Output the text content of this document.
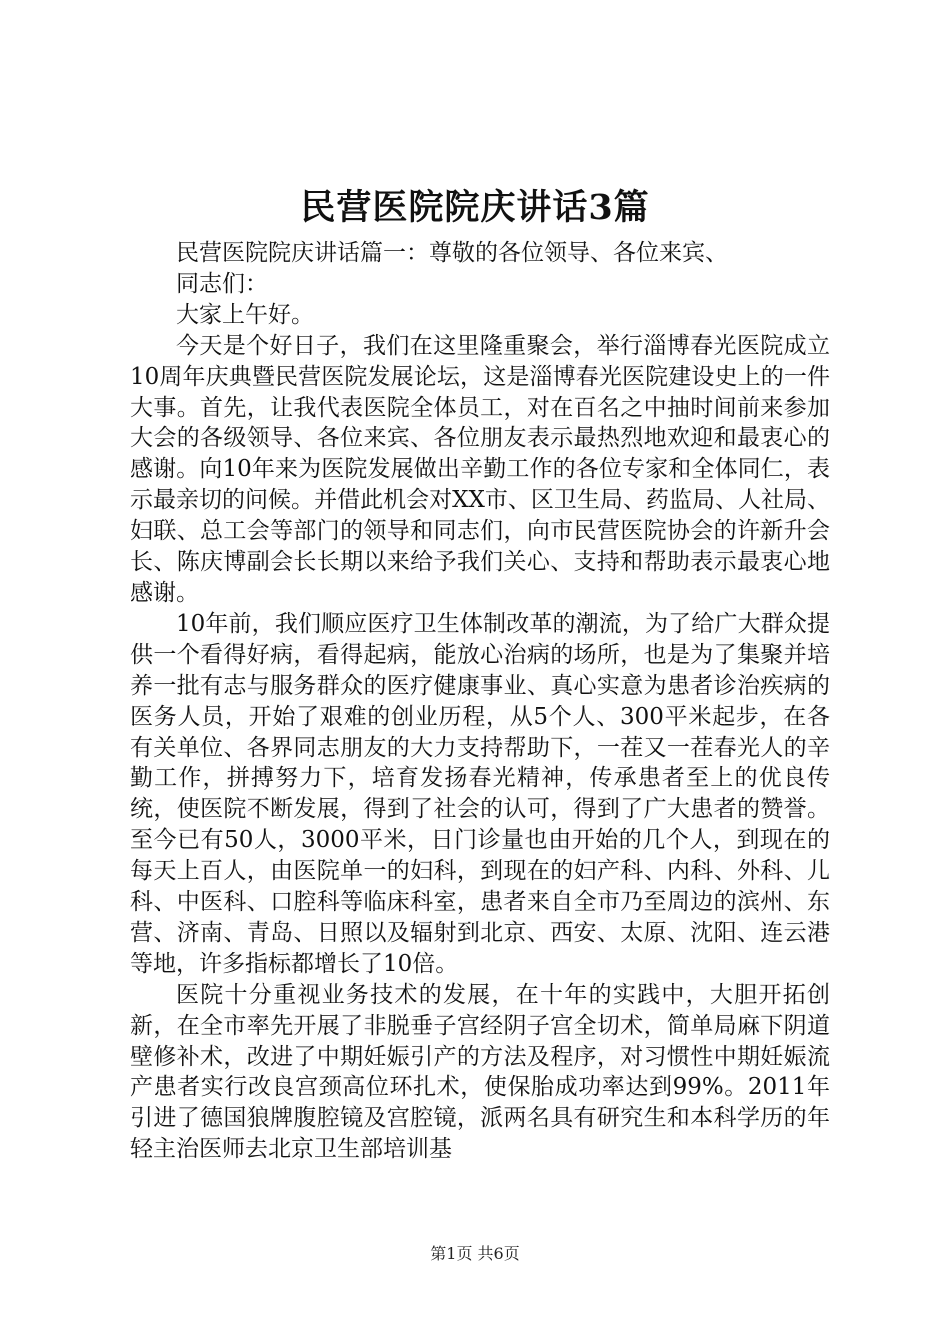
民营医院院庆讲话3篇

民营医院院庆讲话篇一：尊敬的各位领导、各位来宾、

同志们：

大家上午好。

今天是个好日子，我们在这里隆重聚会，举行淄博春光医院成立10周年庆典暨民营医院发展论坛，这是淄博春光医院建设史上的一件大事。首先，让我代表医院全体员工，对在百名之中抽时间前来参加大会的各级领导、各位来宾、各位朋友表示最热烈地欢迎和最衷心的感谢。向10年来为医院发展做出辛勤工作的各位专家和全体同仁，表示最亲切的问候。并借此机会对XX市、区卫生局、药监局、人社局、妇联、总工会等部门的领导和同志们，向市民营医院协会的许新升会长、陈庆博副会长长期以来给予我们关心、支持和帮助表示最衷心地感谢。

10年前，我们顺应医疗卫生体制改革的潮流，为了给广大群众提供一个看得好病，看得起病，能放心治病的场所，也是为了集聚并培养一批有志与服务群众的医疗健康事业、真心实意为患者诊治疾病的医务人员，开始了艰难的创业历程，从5个人、300平米起步，在各有关单位、各界同志朋友的大力支持帮助下，一茬又一茬春光人的辛勤工作，拼搏努力下，培育发扬春光精神，传承患者至上的优良传统，使医院不断发展，得到了社会的认可，得到了广大患者的赞誉。至今已有50人，3000平米，日门诊量也由开始的几个人，到现在的每天上百人，由医院单一的妇科，到现在的妇产科、内科、外科、儿科、中医科、口腔科等临床科室，患者来自全市乃至周边的滨州、东营、济南、青岛、日照以及辐射到北京、西安、太原、沈阳、连云港等地，许多指标都增长了10倍。

医院十分重视业务技术的发展，在十年的实践中，大胆开拓创新，在全市率先开展了非脱垂子宫经阴子宫全切术，简单局麻下阴道壁修补术，改进了中期妊娠引产的方法及程序，对习惯性中期妊娠流产患者实行改良宫颈高位环扎术，使保胎成功率达到99%。2011年引进了德国狼牌腹腔镜及宫腔镜，派两名具有研究生和本科学历的年轻主治医师去北京卫生部培训基

第1页 共6页
